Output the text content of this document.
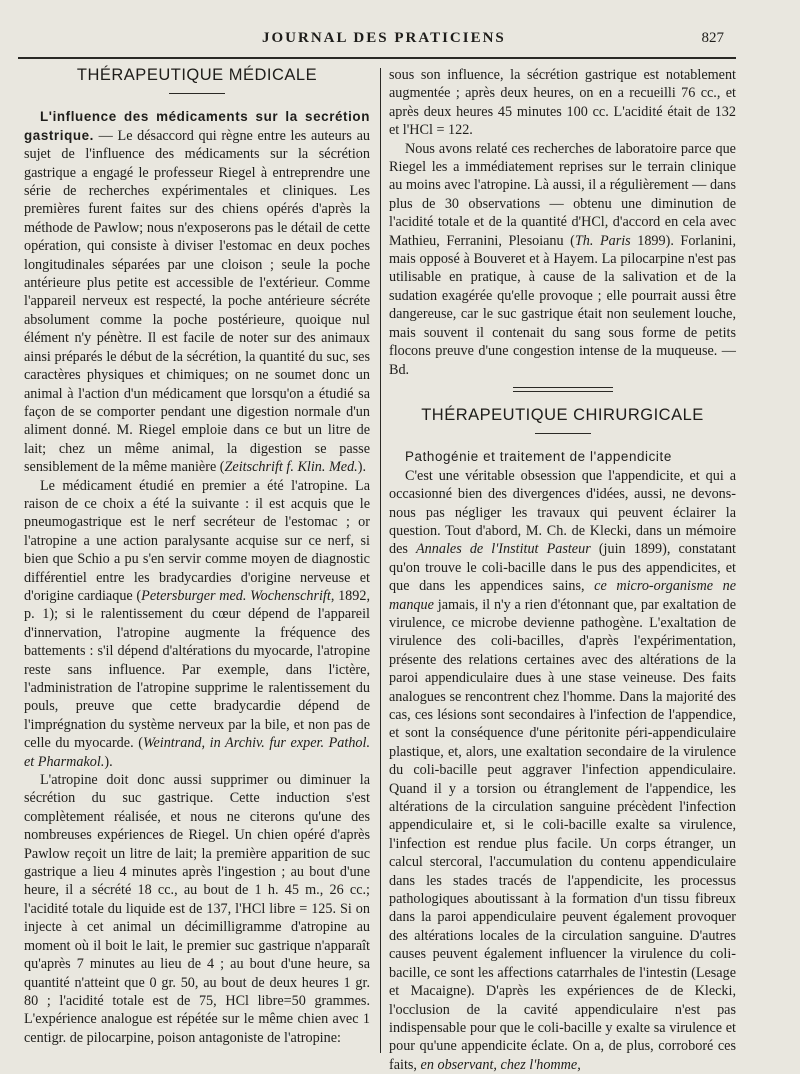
JOURNAL DES PRATICIENS	827

THÉRAPEUTIQUE MÉDICALE

L'influence des médicaments sur la secrétion gastrique. — Le désaccord qui règne entre les auteurs au sujet de l'influence des médicaments sur la sécrétion gastrique a engagé le professeur Riegel à entreprendre une série de recherches expérimentales et cliniques. Les premières furent faites sur des chiens opérés d'après la méthode de Pawlow; nous n'exposerons pas le détail de cette opération, qui consiste à diviser l'estomac en deux poches longitudinales séparées par une cloison ; seule la poche antérieure plus petite est accessible de l'extérieur. Comme l'appareil nerveux est respecté, la poche antérieure sécréte absolument comme la poche postérieure, quoique nul élément n'y pénètre. Il est facile de noter sur des animaux ainsi préparés le début de la sécrétion, la quantité du suc, ses caractères physiques et chimiques; on ne soumet donc un animal à l'action d'un médicament que lorsqu'on a étudié sa façon de se comporter pendant une digestion normale d'un aliment donné. M. Riegel emploie dans ce but un litre de lait; chez un même animal, la digestion se passe sensiblement de la même manière (Zeitschrift f. Klin. Med.).

Le médicament étudié en premier a été l'atropine. La raison de ce choix a été la suivante : il est acquis que le pneumogastrique est le nerf secréteur de l'estomac ; or l'atropine a une action paralysante acquise sur ce nerf, si bien que Schio a pu s'en servir comme moyen de diagnostic différentiel entre les bradycardies d'origine nerveuse et d'origine cardiaque (Petersburger med. Wochenschrift, 1892, p. 1); si le ralentissement du cœur dépend de l'appareil d'innervation, l'atropine augmente la fréquence des battements : s'il dépend d'altérations du myocarde, l'atropine reste sans influence. Par exemple, dans l'ictère, l'administration de l'atropine supprime le ralentissement du pouls, preuve que cette bradycardie dépend de l'imprégnation du système nerveux par la bile, et non pas de celle du myocarde. (Weintrand, in Archiv. fur exper. Pathol. et Pharmakol.).

L'atropine doit donc aussi supprimer ou diminuer la sécrétion du suc gastrique. Cette induction s'est complètement réalisée, et nous ne citerons qu'une des nombreuses expériences de Riegel. Un chien opéré d'après Pawlow reçoit un litre de lait; la première apparition de suc gastrique a lieu 4 minutes après l'ingestion ; au bout d'une heure, il a sécrété 18 cc., au bout de 1 h. 45 m., 26 cc.; l'acidité totale du liquide est de 137, l'HCl libre = 125. Si on injecte à cet animal un décimilligramme d'atropine au moment où il boit le lait, le premier suc gastrique n'apparaît qu'après 7 minutes au lieu de 4 ; au bout d'une heure, sa quantité n'atteint que 0 gr. 50, au bout de deux heures 1 gr. 80 ; l'acidité totale est de 75, HCl libre=50 grammes. L'expérience analogue est répétée sur le même chien avec 1 centigr. de pilocarpine, poison antagoniste de l'atropine:

sous son influence, la sécrétion gastrique est notablement augmentée ; après deux heures, on en a recueilli 76 cc., et après deux heures 45 minutes 100 cc. L'acidité était de 132 et l'HCl = 122.

Nous avons relaté ces recherches de laboratoire parce que Riegel les a immédiatement reprises sur le terrain clinique au moins avec l'atropine. Là aussi, il a régulièrement — dans plus de 30 observations — obtenu une diminution de l'acidité totale et de la quantité d'HCl, d'accord en cela avec Mathieu, Ferranini, Plesoianu (Th. Paris 1899). Forlanini, mais opposé à Bouveret et à Hayem. La pilocarpine n'est pas utilisable en pratique, à cause de la salivation et de la sudation exagérée qu'elle provoque ; elle pourrait aussi être dangereuse, car le suc gastrique était non seulement louche, mais souvent il contenait du sang sous forme de petits flocons preuve d'une congestion intense de la muqueuse. — Bd.

THÉRAPEUTIQUE CHIRURGICALE

Pathogénie et traitement de l'appendicite

C'est une véritable obsession que l'appendicite, et qui a occasionné bien des divergences d'idées, aussi, ne devons-nous pas négliger les travaux qui peuvent éclairer la question. Tout d'abord, M. Ch. de Klecki, dans un mémoire des Annales de l'Institut Pasteur (juin 1899), constatant qu'on trouve le coli-bacille dans le pus des appendicites, et que dans les appendices sains, ce micro-organisme ne manque jamais, il n'y a rien d'étonnant que, par exaltation de virulence, ce microbe devienne pathogène. L'exaltation de virulence des coli-bacilles, d'après l'expérimentation, présente des relations certaines avec des altérations de la paroi appendiculaire dues à une stase veineuse. Des faits analogues se rencontrent chez l'homme. Dans la majorité des cas, ces lésions sont secondaires à l'infection de l'appendice, et sont la conséquence d'une péritonite péri-appendiculaire plastique, et, alors, une exaltation secondaire de la virulence du coli-bacille peut aggraver l'infection appendiculaire. Quand il y a torsion ou étranglement de l'appendice, les altérations de la circulation sanguine précèdent l'infection appendiculaire et, si le coli-bacille exalte sa virulence, l'infection est rendue plus facile. Un corps étranger, un calcul stercoral, l'accumulation du contenu appendiculaire dans les stades tracés de l'appendicite, les processus pathologiques aboutissant à la formation d'un tissu fibreux dans la paroi appendiculaire peuvent également provoquer des altérations locales de la circulation sanguine. D'autres causes peuvent également influencer la virulence du coli-bacille, ce sont les affections catarrhales de l'intestin (Lesage et Macaigne). D'après les expériences de de Klecki, l'occlusion de la cavité appendiculaire n'est pas indispensable pour que le coli-bacille y exalte sa virulence et pour qu'une appendicite éclate. On a, de plus, corroboré ces faits, en observant, chez l'homme,
